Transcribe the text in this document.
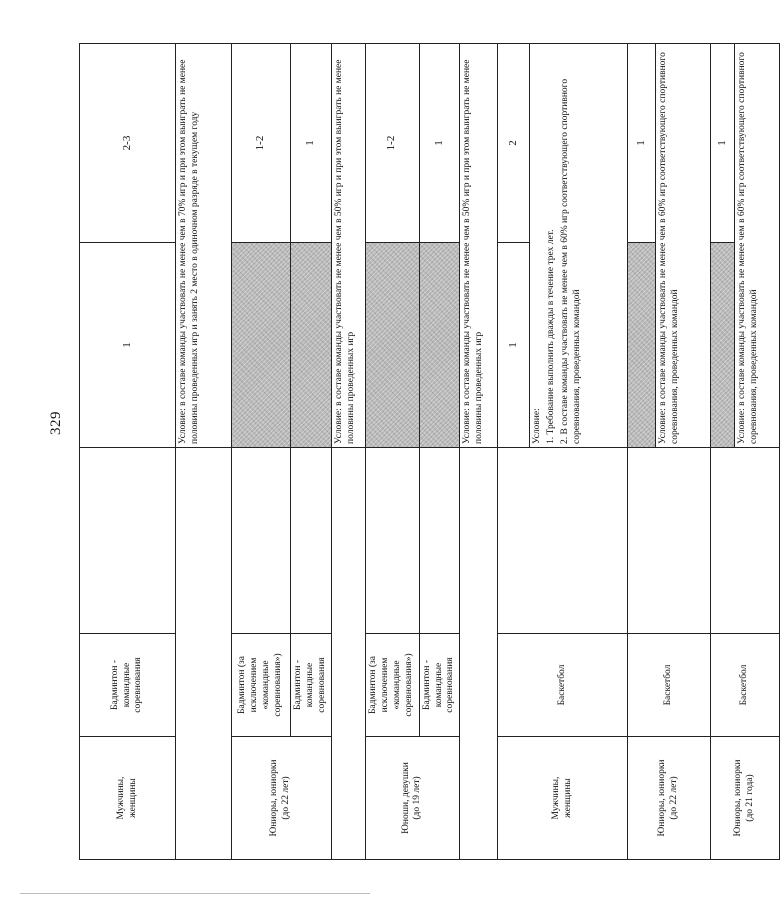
329
Мужчины,
женщины	Бадминтон -
командные соревнования		1	2-3
			Условие: в составе команды участвовать не менее чем в 70% игр и при этом выиграть не менее половины проведенных игр и занять 2 место в одиночном разряде в текущем году	
Юниоры, юниорки
(до 22 лет)	Бадминтон (за исключением
«командные соревнования»)			1-2
	Бадминтон -
командные соревнования			1
			Условие: в составе команды участвовать не менее чем в 50% игр и при этом выиграть не менее половины проведенных игр	
Юноши, девушки
(до 19 лет)	Бадминтон (за исключением
«командные соревнования»)			1-2
	Бадминтон -
командные соревнования			1
			Условие: в составе команды участвовать не менее чем в 50% игр и при этом выиграть не менее половины проведенных игр	
Мужчины,
женщины	Баскетбол		1	2

			Условие: 1. Требование выполнить дважды в течение трех лет. 2. В составе команды участвовать не менее чем в 60% игр соответствующего спортивного соревнования, проведенных командой	

Юниоры, юниорки
(до 22 лет)	Баскетбол			1
			Условие: в составе команды участвовать не менее чем в 60% игр соответствующего спортивного соревнования, проведенных командой	
Юниоры, юниорки
(до 21 года)	Баскетбол			1
			Условие: в составе команды участвовать не менее чем в 60% игр соответствующего спортивного соревнования, проведенных командой	
